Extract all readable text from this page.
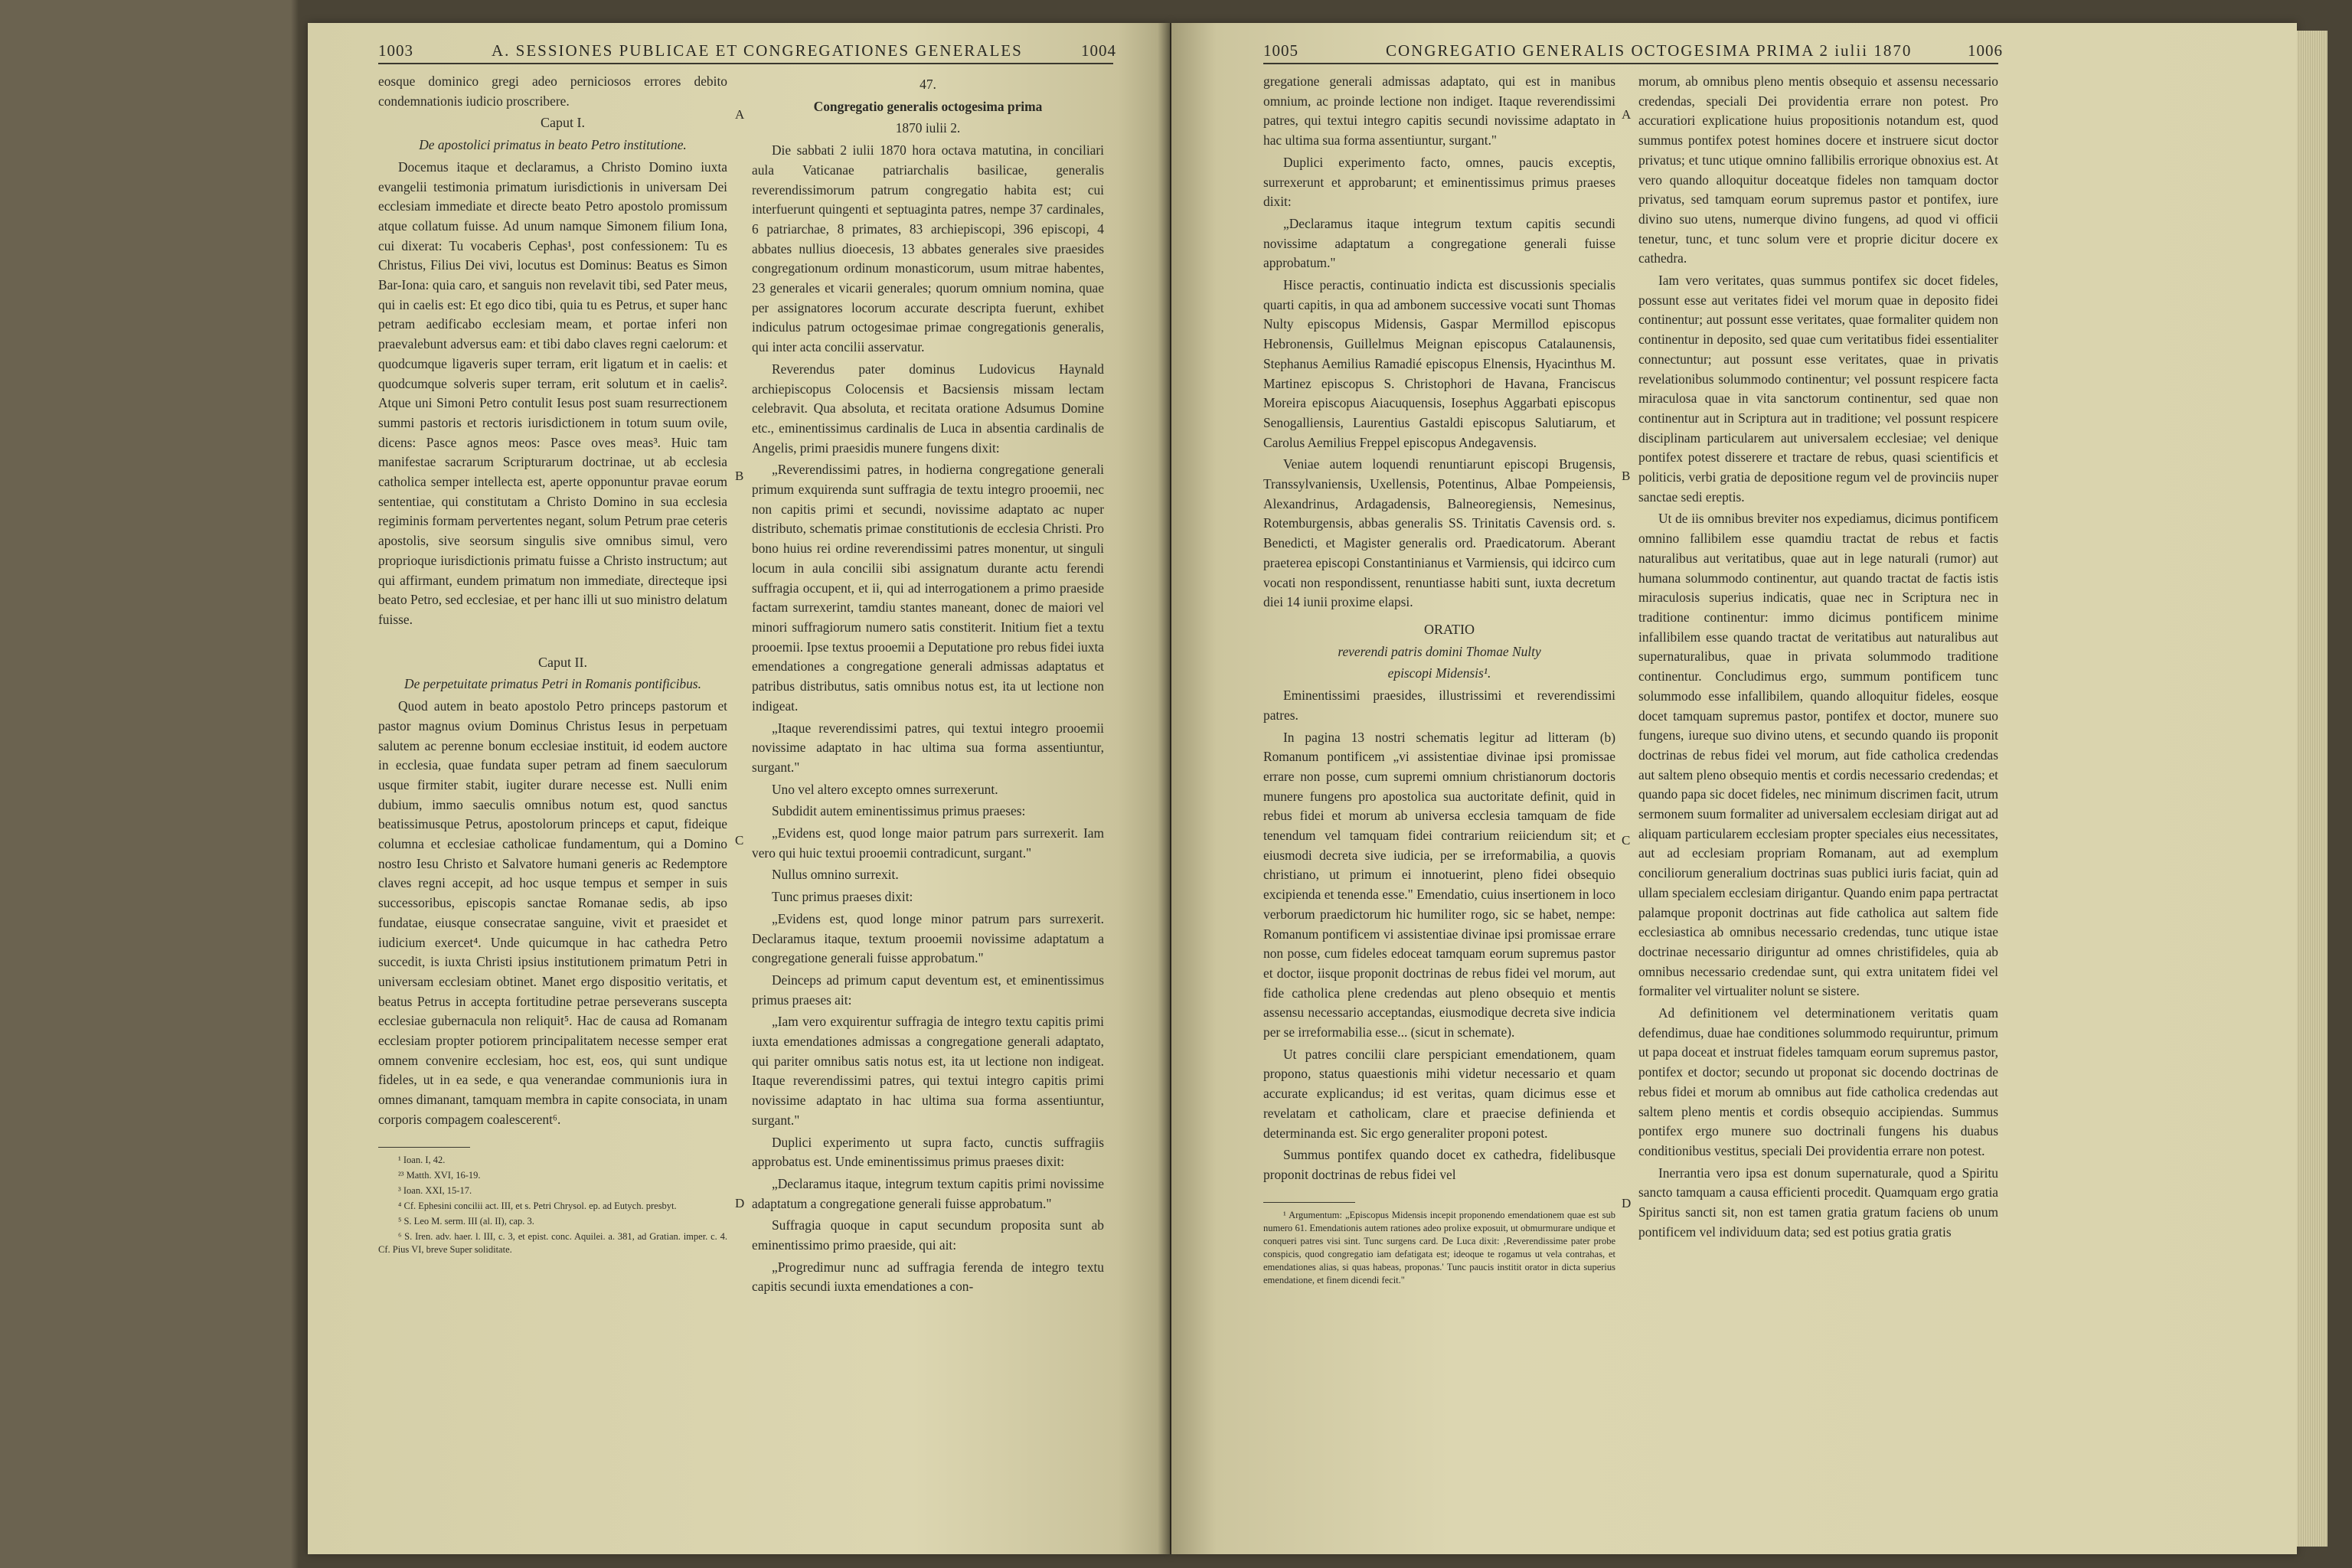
1003	A. SESSIONES PUBLICAE ET CONGREGATIONES GENERALES	1004

eosque dominico gregi adeo perniciosos errores debito condemnationis iudicio proscribere.

Caput I.

De apostolici primatus in beato Petro institutione.

Docemus itaque et declaramus, a Christo Domino iuxta evangelii testimonia primatum iurisdictionis in universam Dei ecclesiam immediate et directe beato Petro apostolo promissum atque collatum fuisse. Ad unum namque Simonem filium Iona, cui dixerat: Tu vocaberis Cephas¹, post confessionem: Tu es Christus, Filius Dei vivi, locutus est Dominus: Beatus es Simon Bar-Iona: quia caro, et sanguis non revelavit tibi, sed Pater meus, qui in caelis est: Et ego dico tibi, quia tu es Petrus, et super hanc petram aedificabo ecclesiam meam, et portae inferi non praevalebunt adversus eam: et tibi dabo claves regni caelorum: et quodcumque ligaveris super terram, erit ligatum et in caelis: et quodcumque solveris super terram, erit solutum et in caelis². Atque uni Simoni Petro contulit Iesus post suam resurrectionem summi pastoris et rectoris iurisdictionem in totum suum ovile, dicens: Pasce agnos meos: Pasce oves meas³. Huic tam manifestae sacrarum Scripturarum doctrinae, ut ab ecclesia catholica semper intellecta est, aperte opponuntur pravae eorum sententiae, qui constitutam a Christo Domino in sua ecclesia regiminis formam pervertentes negant, solum Petrum prae ceteris apostolis, sive seorsum singulis sive omnibus simul, vero proprioque iurisdictionis primatu fuisse a Christo instructum; aut qui affirmant, eundem primatum non immediate, directeque ipsi beato Petro, sed ecclesiae, et per hanc illi ut suo ministro delatum fuisse.

Caput II.

De perpetuitate primatus Petri in Romanis pontificibus.

Quod autem in beato apostolo Petro princeps pastorum et pastor magnus ovium Dominus Christus Iesus in perpetuam salutem ac perenne bonum ecclesiae instituit, id eodem auctore in ecclesia, quae fundata super petram ad finem saeculorum usque firmiter stabit, iugiter durare necesse est. Nulli enim dubium, immo saeculis omnibus notum est, quod sanctus beatissimusque Petrus, apostolorum princeps et caput, fideique columna et ecclesiae catholicae fundamentum, qui a Domino nostro Iesu Christo et Salvatore humani generis ac Redemptore claves regni accepit, ad hoc usque tempus et semper in suis successoribus, episcopis sanctae Romanae sedis, ab ipso fundatae, eiusque consecratae sanguine, vivit et praesidet et iudicium exercet⁴. Unde quicumque in hac cathedra Petro succedit, is iuxta Christi ipsius institutionem primatum Petri in universam ecclesiam obtinet. Manet ergo dispositio veritatis, et beatus Petrus in accepta fortitudine petrae perseverans suscepta ecclesiae gubernacula non reliquit⁵. Hac de causa ad Romanam ecclesiam propter potiorem principalitatem necesse semper erat omnem convenire ecclesiam, hoc est, eos, qui sunt undique fideles, ut in ea sede, e qua venerandae communionis iura in omnes dimanant, tamquam membra in capite consociata, in unam corporis compagem coalescerent⁶.

¹ Ioan. I, 42.

²³ Matth. XVI, 16-19.

³ Ioan. XXI, 15-17.

⁴ Cf. Ephesini concilii act. III, et s. Petri Chrysol. ep. ad Eutych. presbyt.

⁵ S. Leo M. serm. III (al. II), cap. 3.

⁶ S. Iren. adv. haer. l. III, c. 3, et epist. conc. Aquilei. a. 381, ad Gratian. imper. c. 4. Cf. Pius VI, breve Super soliditate.

A
B
C
D

47.

Congregatio generalis octogesima prima

1870 iulii 2.

Die sabbati 2 iulii 1870 hora octava matutina, in conciliari aula Vaticanae patriarchalis basilicae, generalis reverendissimorum patrum congregatio habita est; cui interfuerunt quingenti et septuaginta patres, nempe 37 cardinales, 6 patriarchae, 8 primates, 83 archiepiscopi, 396 episcopi, 4 abbates nullius dioecesis, 13 abbates generales sive praesides congregationum ordinum monasticorum, usum mitrae habentes, 23 generales et vicarii generales; quorum omnium nomina, quae per assignatores locorum accurate descripta fuerunt, exhibet indiculus patrum octogesimae primae congregationis generalis, qui inter acta concilii asservatur.

Reverendus pater dominus Ludovicus Haynald archiepiscopus Colocensis et Bacsiensis missam lectam celebravit. Qua absoluta, et recitata oratione Adsumus Domine etc., eminentissimus cardinalis de Luca in absentia cardinalis de Angelis, primi praesidis munere fungens dixit:

„Reverendissimi patres, in hodierna congregatione generali primum exquirenda sunt suffragia de textu integro prooemii, nec non capitis primi et secundi, novissime adaptato ac nuper distributo, schematis primae constitutionis de ecclesia Christi. Pro bono huius rei ordine reverendissimi patres monentur, ut singuli locum in aula concilii sibi assignatum durante actu ferendi suffragia occupent, et ii, qui ad interrogationem a primo praeside factam surrexerint, tamdiu stantes maneant, donec de maiori vel minori suffragiorum numero satis constiterit. Initium fiet a textu prooemii. Ipse textus prooemii a Deputatione pro rebus fidei iuxta emendationes a congregatione generali admissas adaptatus et patribus distributus, satis omnibus notus est, ita ut lectione non indigeat.

„Itaque reverendissimi patres, qui textui integro prooemii novissime adaptato in hac ultima sua forma assentiuntur, surgant."

Uno vel altero excepto omnes surrexerunt.

Subdidit autem eminentissimus primus praeses:

„Evidens est, quod longe maior patrum pars surrexerit. Iam vero qui huic textui prooemii contradicunt, surgant."

Nullus omnino surrexit.

Tunc primus praeses dixit:

„Evidens est, quod longe minor patrum pars surrexerit. Declaramus itaque, textum prooemii novissime adaptatum a congregatione generali fuisse approbatum."

Deinceps ad primum caput deventum est, et eminentissimus primus praeses ait:

„Iam vero exquirentur suffragia de integro textu capitis primi iuxta emendationes admissas a congregatione generali adaptato, qui pariter omnibus satis notus est, ita ut lectione non indigeat. Itaque reverendissimi patres, qui textui integro capitis primi novissime adaptato in hac ultima sua forma assentiuntur, surgant."

Duplici experimento ut supra facto, cunctis suffragiis approbatus est. Unde eminentissimus primus praeses dixit:

„Declaramus itaque, integrum textum capitis primi novissime adaptatum a congregatione generali fuisse approbatum."

Suffragia quoque in caput secundum proposita sunt ab eminentissimo primo praeside, qui ait:

„Progredimur nunc ad suffragia ferenda de integro textu capitis secundi iuxta emendationes a con-

1005	CONGREGATIO GENERALIS OCTOGESIMA PRIMA 2 iulii 1870	1006

gregatione generali admissas adaptato, qui est in manibus omnium, ac proinde lectione non indiget. Itaque reverendissimi patres, qui textui integro capitis secundi novissime adaptato in hac ultima sua forma assentiuntur, surgant."

Duplici experimento facto, omnes, paucis exceptis, surrexerunt et approbarunt; et eminentissimus primus praeses dixit:

„Declaramus itaque integrum textum capitis secundi novissime adaptatum a congregatione generali fuisse approbatum."

Hisce peractis, continuatio indicta est discussionis specialis quarti capitis, in qua ad ambonem successive vocati sunt Thomas Nulty episcopus Midensis, Gaspar Mermillod episcopus Hebronensis, Guillelmus Meignan episcopus Catalaunensis, Stephanus Aemilius Ramadié episcopus Elnensis, Hyacinthus M. Martinez episcopus S. Christophori de Havana, Franciscus Moreira episcopus Aiacuquensis, Iosephus Aggarbati episcopus Senogalliensis, Laurentius Gastaldi episcopus Salutiarum, et Carolus Aemilius Freppel episcopus Andegavensis.

Veniae autem loquendi renuntiarunt episcopi Brugensis, Transsylvaniensis, Uxellensis, Potentinus, Albae Pompeiensis, Alexandrinus, Ardagadensis, Balneoregiensis, Nemesinus, Rotemburgensis, abbas generalis SS. Trinitatis Cavensis ord. s. Benedicti, et Magister generalis ord. Praedicatorum. Aberant praeterea episcopi Constantinianus et Varmiensis, qui idcirco cum vocati non respondissent, renuntiasse habiti sunt, iuxta decretum diei 14 iunii proxime elapsi.

ORATIO

reverendi patris domini Thomae Nulty

episcopi Midensis¹.

Eminentissimi praesides, illustrissimi et reverendissimi patres.

In pagina 13 nostri schematis legitur ad litteram (b) Romanum pontificem „vi assistentiae divinae ipsi promissae errare non posse, cum supremi omnium christianorum doctoris munere fungens pro apostolica sua auctoritate definit, quid in rebus fidei et morum ab universa ecclesia tamquam de fide tenendum vel tamquam fidei contrarium reiiciendum sit; et eiusmodi decreta sive iudicia, per se irreformabilia, a quovis christiano, ut primum ei innotuerint, pleno fidei obsequio excipienda et tenenda esse." Emendatio, cuius insertionem in loco verborum praedictorum hic humiliter rogo, sic se habet, nempe: Romanum pontificem vi assistentiae divinae ipsi promissae errare non posse, cum fideles edoceat tamquam eorum supremus pastor et doctor, iisque proponit doctrinas de rebus fidei vel morum, aut fide catholica plene credendas aut pleno obsequio et mentis assensu necessario acceptandas, eiusmodique decreta sive indicia per se irreformabilia esse... (sicut in schemate).

Ut patres concilii clare perspiciant emendationem, quam propono, status quaestionis mihi videtur necessario et quam accurate explicandus; id est veritas, quam dicimus esse et revelatam et catholicam, clare et praecise definienda et determinanda est. Sic ergo generaliter proponi potest.

Summus pontifex quando docet ex cathedra, fidelibusque proponit doctrinas de rebus fidei vel

¹ Argumentum: „Episcopus Midensis incepit proponendo emendationem quae est sub numero 61. Emendationis autem rationes adeo prolixe exposuit, ut obmurmurare undique et conqueri patres visi sint. Tunc surgens card. De Luca dixit: ‚Reverendissime pater probe conspicis, quod congregatio iam defatigata est; ideoque te rogamus ut vela contrahas, et emendationes alias, si quas habeas, proponas.' Tunc paucis institit orator in dicta superius emendatione, et finem dicendi fecit."

A
B
C
D

morum, ab omnibus pleno mentis obsequio et assensu necessario credendas, speciali Dei providentia errare non potest. Pro accuratiori explicatione huius propositionis notandum est, quod summus pontifex potest homines docere et instruere sicut doctor privatus; et tunc utique omnino fallibilis errorique obnoxius est. At vero quando alloquitur doceatque fideles non tamquam doctor privatus, sed tamquam eorum supremus pastor et pontifex, iure divino suo utens, numerque divino fungens, ad quod vi officii tenetur, tunc, et tunc solum vere et proprie dicitur docere ex cathedra.

Iam vero veritates, quas summus pontifex sic docet fideles, possunt esse aut veritates fidei vel morum quae in deposito fidei continentur; aut possunt esse veritates, quae formaliter quidem non continentur in deposito, sed quae cum veritatibus fidei essentialiter connectuntur; aut possunt esse veritates, quae in privatis revelationibus solummodo continentur; vel possunt respicere facta miraculosa quae in vita sanctorum continentur, sed quae non continentur aut in Scriptura aut in traditione; vel possunt respicere disciplinam particularem aut universalem ecclesiae; vel denique pontifex potest disserere et tractare de rebus, quasi scientificis et politicis, verbi gratia de depositione regum vel de provinciis nuper sanctae sedi ereptis.

Ut de iis omnibus breviter nos expediamus, dicimus pontificem omnino fallibilem esse quamdiu tractat de rebus et factis naturalibus aut veritatibus, quae aut in lege naturali (rumor) aut humana solummodo continentur, aut quando tractat de factis istis miraculosis superius indicatis, quae nec in Scriptura nec in traditione continentur: immo dicimus pontificem minime infallibilem esse quando tractat de veritatibus aut naturalibus aut supernaturalibus, quae in privata solummodo traditione continentur. Concludimus ergo, summum pontificem tunc solummodo esse infallibilem, quando alloquitur fideles, eosque docet tamquam supremus pastor, pontifex et doctor, munere suo fungens, iureque suo divino utens, et secundo quando iis proponit doctrinas de rebus fidei vel morum, aut fide catholica credendas aut saltem pleno obsequio mentis et cordis necessario credendas; et quando papa sic docet fideles, nec minimum discrimen facit, utrum sermonem suum formaliter ad universalem ecclesiam dirigat aut ad aliquam particularem ecclesiam propter speciales eius necessitates, aut ad ecclesiam propriam Romanam, aut ad exemplum conciliorum generalium doctrinas suas publici iuris faciat, quin ad ullam specialem ecclesiam dirigantur. Quando enim papa pertractat palamque proponit doctrinas aut fide catholica aut saltem fide ecclesiastica ab omnibus necessario credendas, tunc utique istae doctrinae necessario diriguntur ad omnes christifideles, quia ab omnibus necessario credendae sunt, qui extra unitatem fidei vel formaliter vel virtualiter nolunt se sistere.

Ad definitionem vel determinationem veritatis quam defendimus, duae hae conditiones solummodo requiruntur, primum ut papa doceat et instruat fideles tamquam eorum supremus pastor, pontifex et doctor; secundo ut proponat sic docendo doctrinas de rebus fidei et morum ab omnibus aut fide catholica credendas aut saltem pleno mentis et cordis obsequio accipiendas. Summus pontifex ergo munere suo doctrinali fungens his duabus conditionibus vestitus, speciali Dei providentia errare non potest.

Inerrantia vero ipsa est donum supernaturale, quod a Spiritu sancto tamquam a causa efficienti procedit. Quamquam ergo gratia Spiritus sancti sit, non est tamen gratia gratum faciens ob unum pontificem vel individuum data; sed est potius gratia gratis
